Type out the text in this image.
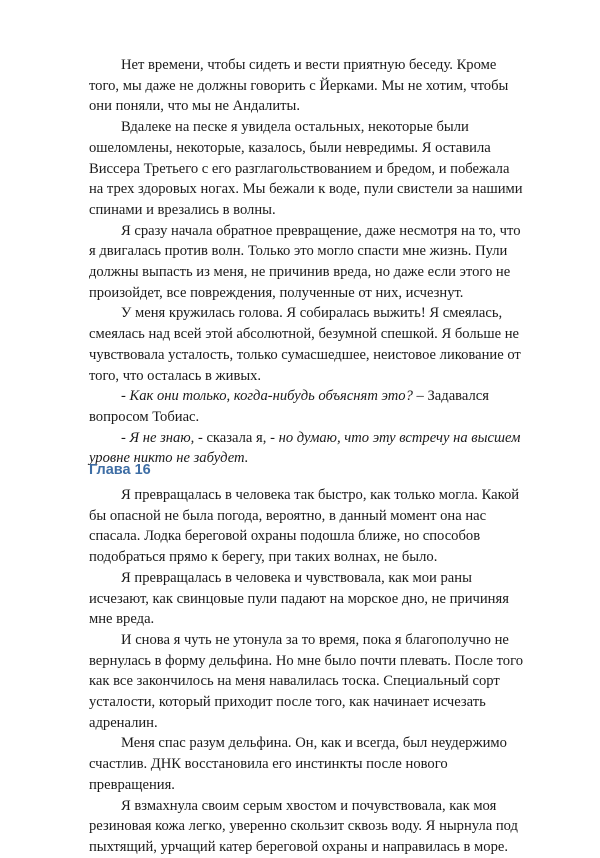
Нет времени, чтобы сидеть и вести приятную беседу. Кроме того, мы даже не должны говорить с Йерками. Мы не хотим, чтобы они поняли, что мы не Андалиты.

Вдалеке на песке я увидела остальных, некоторые были ошеломлены, некоторые, казалось, были невредимы. Я оставила Виссера Третьего с его разглагольствованием и бредом, и побежала на трех здоровых ногах. Мы бежали к воде, пули свистели за нашими спинами и врезались в волны.

Я сразу начала обратное превращение, даже несмотря на то, что я двигалась против волн. Только это могло спасти мне жизнь. Пули должны выпасть из меня, не причинив вреда, но даже если этого не произойдет, все повреждения, полученные от них, исчезнут.

У меня кружилась голова. Я собиралась выжить! Я смеялась, смеялась над всей этой абсолютной, безумной спешкой. Я больше не чувствовала усталость, только сумасшедшее, неистовое ликование от того, что осталась в живых.

- Как они только, когда-нибудь объяснят это? – Задавался вопросом Тобиас.

- Я не знаю, - сказала я, - но думаю, что эту встречу на высшем уровне никто не забудет.

Глава 16

Я превращалась в человека так быстро, как только могла. Какой бы опасной не была погода, вероятно, в данный момент она нас спасала. Лодка береговой охраны подошла ближе, но способов подобраться прямо к берегу, при таких волнах, не было.

Я превращалась в человека и чувствовала, как мои раны исчезают, как свинцовые пули падают на морское дно, не причиняя мне вреда.

И снова я чуть не утонула за то время, пока я благополучно не вернулась в форму дельфина. Но мне было почти плевать. После того как все закончилось на меня навалилась тоска. Специальный сорт усталости, который приходит после того, как начинает исчезать адреналин.

Меня спас разум дельфина. Он, как и всегда, был неудержимо счастлив. ДНК восстановила его инстинкты после нового превращения.

Я взмахнула своим серым хвостом и почувствовала, как моя резиновая кожа легко, уверенно скользит сквозь воду. Я нырнула под пыхтящий, урчащий катер береговой охраны и направилась в море.
